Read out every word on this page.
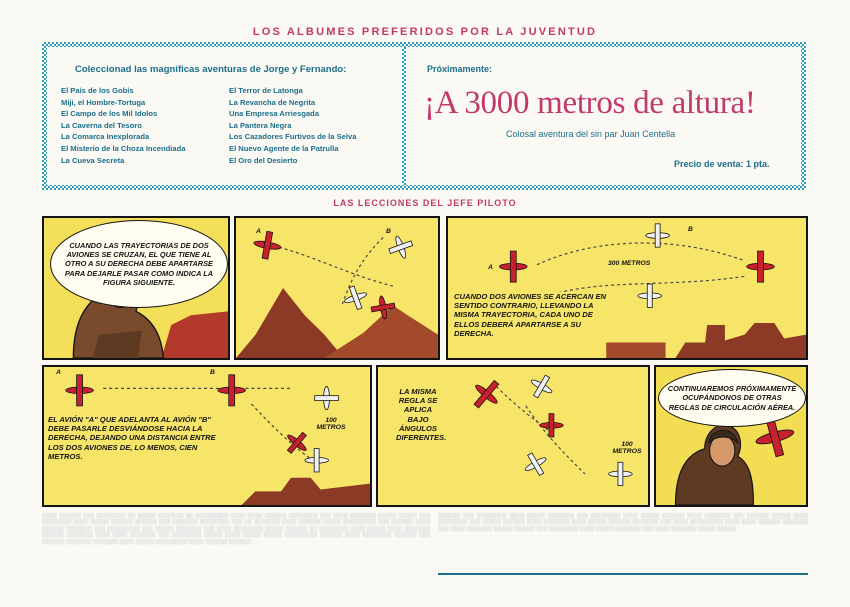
LOS ALBUMES PREFERIDOS POR LA JUVENTUD
Coleccionad las magníficas aventuras de Jorge y Fernando:
El País de los Gobis
Miji, el Hombre-Tortuga
El Campo de los Mil Idolos
La Caverna del Tesoro
La Comarca Inexplorada
El Misterio de la Choza Incendiada
La Cueva Secreta
El Terror de Latonga
La Revancha de Negrita
Una Empresa Arriesgada
La Pantera Negra
Los Cazadores Furtivos de la Selva
El Nuevo Agente de la Patrulla
El Oro del Desierto
Próximamente:
¡A 3000 metros de altura!
Colosal aventura del sin par Juan Centella
Precio de venta: 1 pta.
LAS LECCIONES DEL JEFE PILOTO
CUANDO LAS TRAYECTORIAS DE DOS AVIONES SE CRUZAN, EL QUE TIENE AL OTRO A SU DERECHA DEBE APARTARSE PARA DEJARLE PASAR COMO INDICA LA FIGURA SIGUIENTE.
A	B
A
B
300 METROS
CUANDO DOS AVIONES SE ACERCAN EN SENTIDO CONTRARIO, LLEVANDO LA MISMA TRAYECTORIA, CADA UNO DE ELLOS DEBERÁ APARTARSE A SU DERECHA.
A	B
100 METROS
EL AVIÓN "A" QUE ADELANTA AL AVIÓN "B" DEBE PASARLE DESVIÁNDOSE HACIA LA DERECHA, DEJANDO UNA DISTANCIA ENTRE LOS DOS AVIONES DE, LO MENOS, CIEN METROS.
LA MISMA REGLA SE APLICA BAJO ÁNGULOS DIFERENTES.
100 METROS
CONTINUAREMOS PRÓXIMAMENTE OCUPÁNDONOS DE OTRAS REGLAS DE CIRCULACIÓN AÉREA.
░░░░ ░░░░░░ ░░░ ░░░░░░░░ ░░ ░░░░░ ░░░░░░░ ░░ ░░░░░░░░░ ░░░░ ░░░░ ░░░░░░ ░░░░░░░░ ░░░ ░░░░ ░░░░░░░ ░░░░░ ░░░░░ ░░░ ░░░░░░░░ ░░░░ ░░░░░ ░░░░░░ ░░░░░░ ░░░ ░░░░░░░ ░░░░░░░░ ░░░ ░░ ░░░░░░░ ░░░░ ░░░░░░ ░░░░░ ░░░░░░░░░ ░░░ ░░░░░░ ░░░░ ░░░░░░ ░░░░░░░ ░░░ ░░░░░░░░░ ░░░ ░░░░░ ░░░░░░░ ░░░ ░░░░ ░░░░░░░░ ░░░░░ ░░░░░░ ░░ ░░░░░░░░ ░░░░ ░░░░░ ░░░░ ░░░░░░░ ░░░░░░ ░░░░░░░ ░░░░ ░░░░ ░░░░░░░ ░░░ ░░░░░░░░ ░░░░░ ░░░░ ░░░░░ ░░░░░ ░░░░░░░░░ ░░░░░░ ░░░░ ░░░░░░░░ ░░░░░░ ░░░ ░░░░░░ ░░░░░░░ ░░░░░░░ ░░░░ ░░░░░ ░░░░░░░░░ ░░░░ ░░░░░░ ░░░░░░
░░░░░░ ░░░ ░░░░░░░░ ░░░░ ░░░░░ ░░░░░░░ ░░░ ░░░░░░░░ ░░░░ ░░░░░ ░░░░░░ ░░░░ ░░░░░░░ ░░░ ░░░░░░ ░░░░░ ░░░░ ░░░░░░░░ ░░░ ░░░░░ ░░░░░░ ░░░░ ░░░░░░░ ░░░░ ░░░░░ ░░░░░░ ░░░░░░░ ░░░ ░░░░ ░░░░░░░░░ ░░░░ ░░░░ ░░░░░░ ░░░░░░░ ░░░ ░░░░ ░░░░░░░ ░░░░░ ░░░░░░ ░░░ ░░░░░░░░ ░░░░ ░░░░░ ░░░░░░░ ░░░ ░░░░ ░░░░░░░ ░░░░░ ░░░░░
